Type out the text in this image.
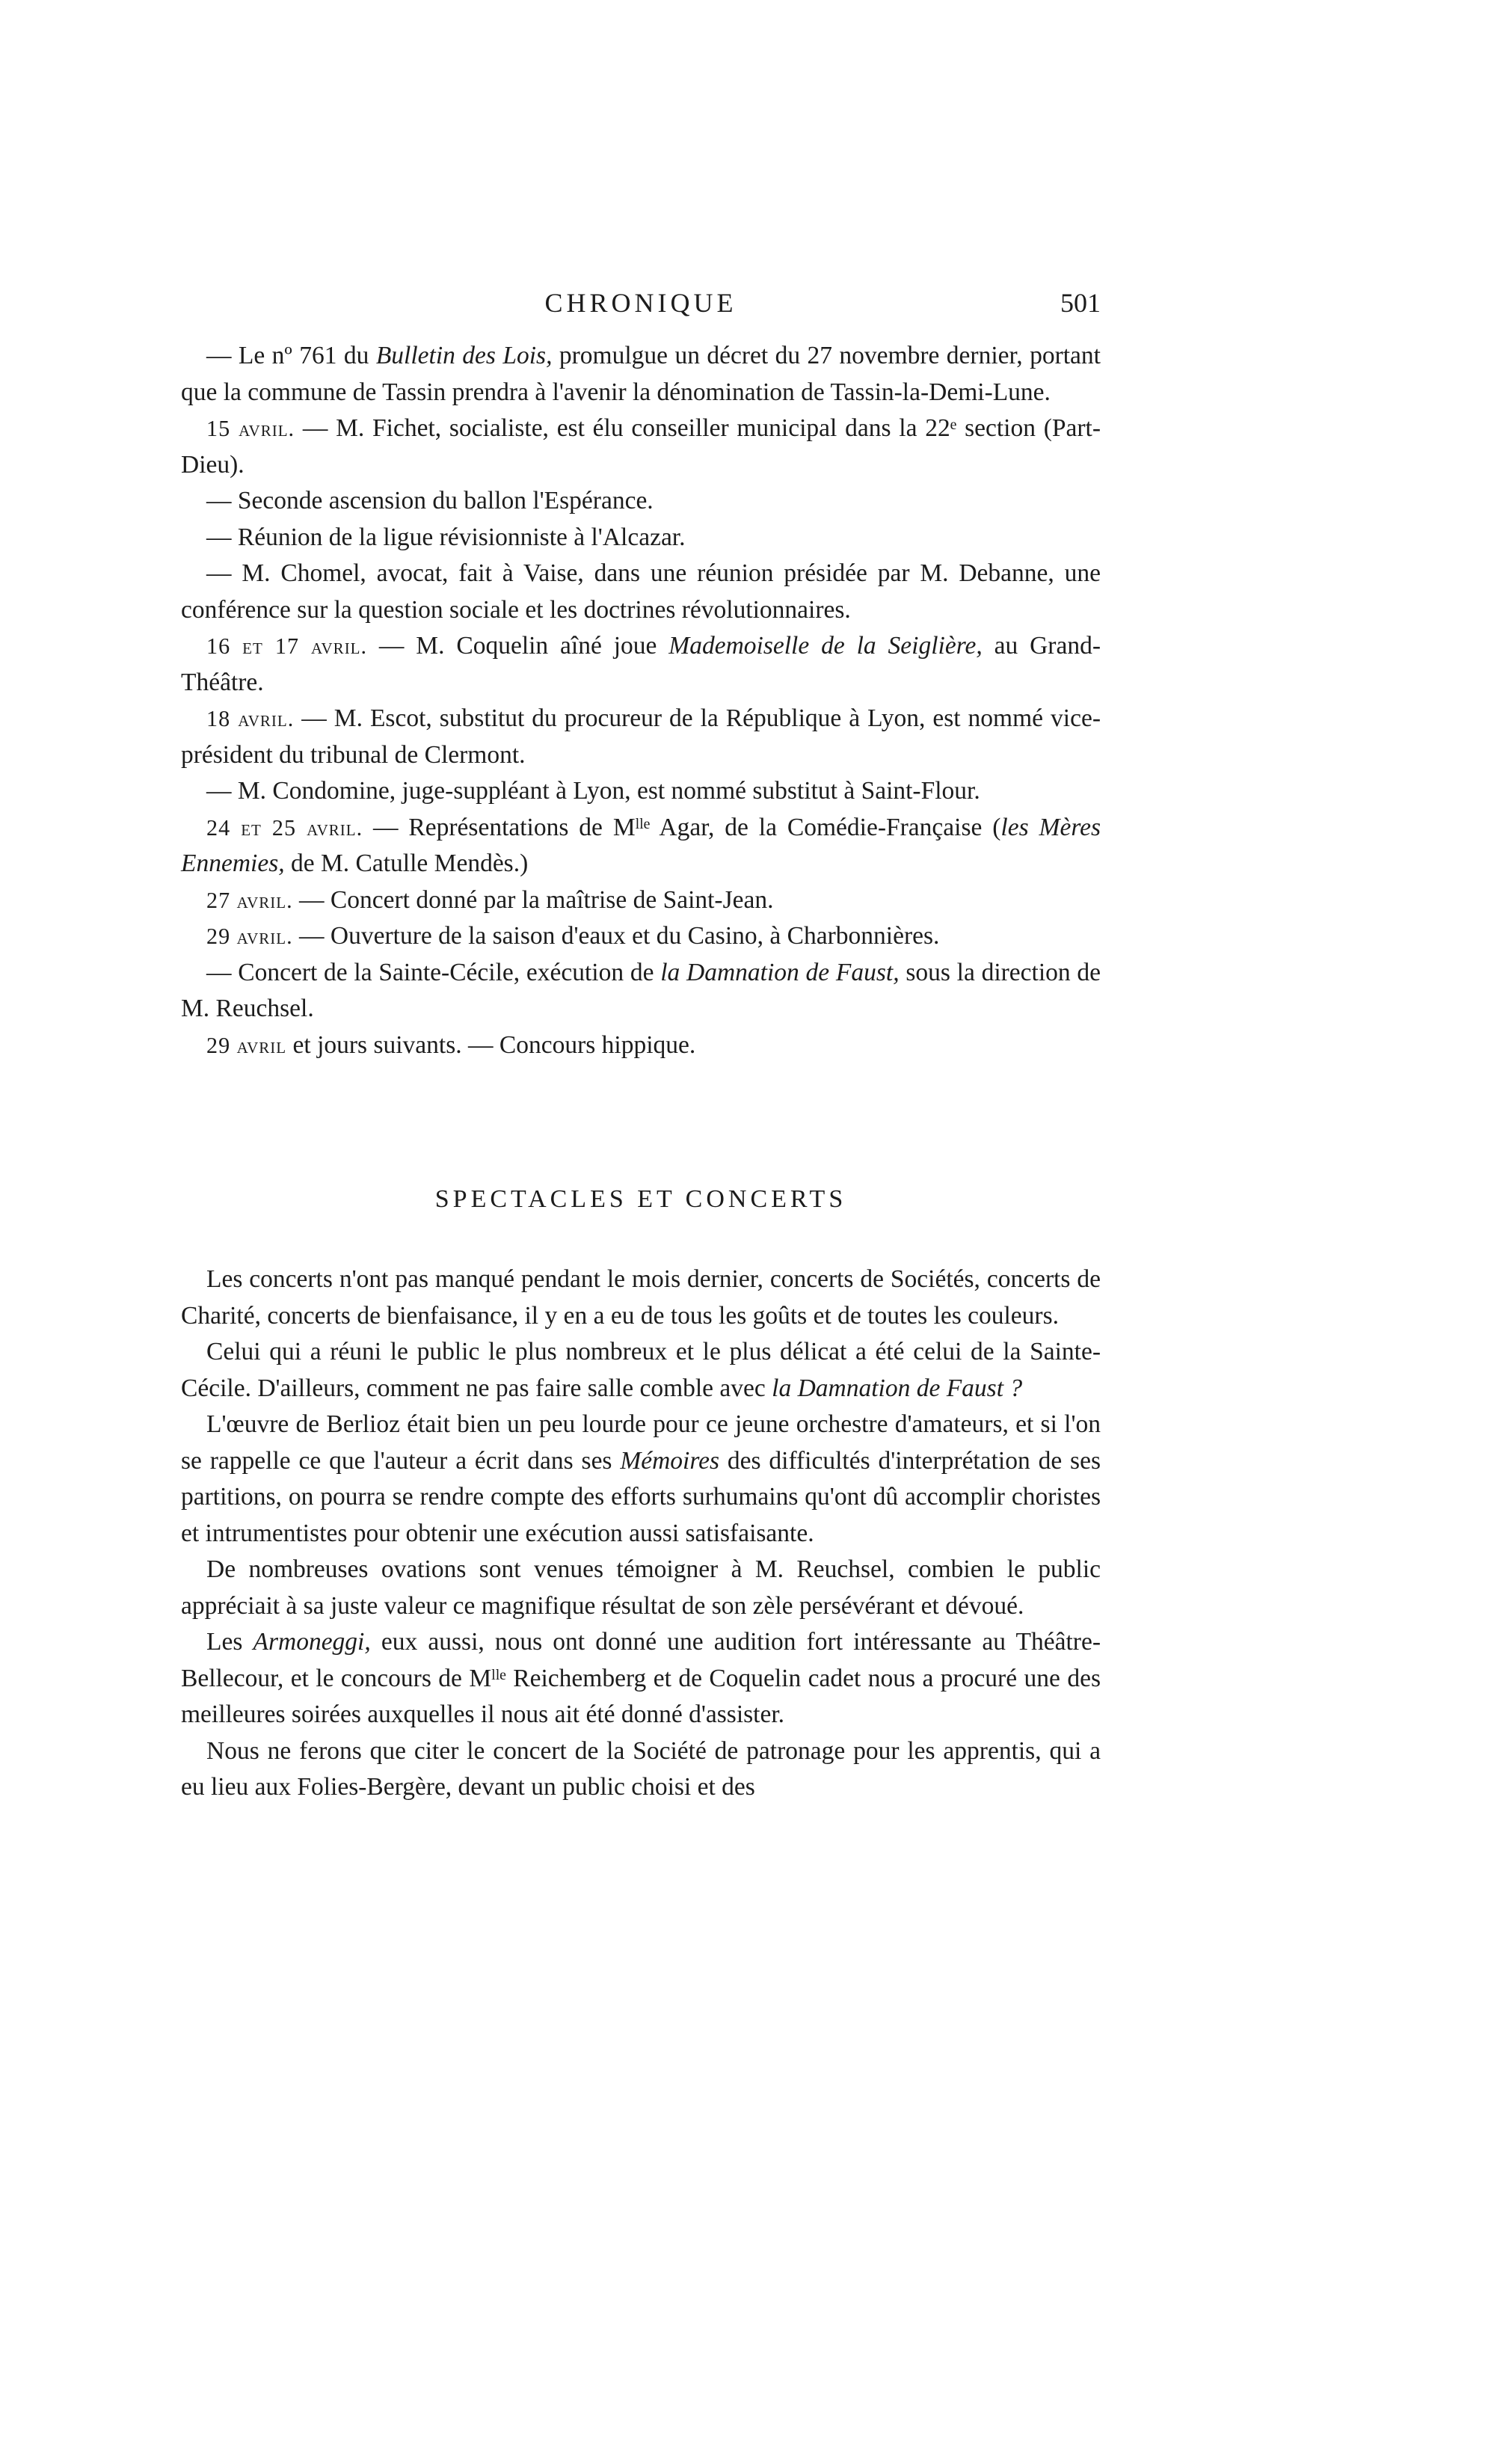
CHRONIQUE	501

— Le nº 761 du Bulletin des Lois, promulgue un décret du 27 novembre dernier, portant que la commune de Tassin prendra à l'avenir la dénomination de Tassin-la-Demi-Lune.

15 avril. — M. Fichet, socialiste, est élu conseiller municipal dans la 22ᵉ section (Part-Dieu).

— Seconde ascension du ballon l'Espérance.

— Réunion de la ligue révisionniste à l'Alcazar.

— M. Chomel, avocat, fait à Vaise, dans une réunion présidée par M. Debanne, une conférence sur la question sociale et les doctrines révolutionnaires.

16 et 17 avril. — M. Coquelin aîné joue Mademoiselle de la Seiglière, au Grand-Théâtre.

18 avril. — M. Escot, substitut du procureur de la République à Lyon, est nommé vice-président du tribunal de Clermont.

— M. Condomine, juge-suppléant à Lyon, est nommé substitut à Saint-Flour.

24 et 25 avril. — Représentations de Mˡˡᵉ Agar, de la Comédie-Française (les Mères Ennemies, de M. Catulle Mendès.)

27 avril. — Concert donné par la maîtrise de Saint-Jean.

29 avril. — Ouverture de la saison d'eaux et du Casino, à Charbonnières.

— Concert de la Sainte-Cécile, exécution de la Damnation de Faust, sous la direction de M. Reuchsel.

29 avril et jours suivants. — Concours hippique.

SPECTACLES ET CONCERTS

Les concerts n'ont pas manqué pendant le mois dernier, concerts de Sociétés, concerts de Charité, concerts de bienfaisance, il y en a eu de tous les goûts et de toutes les couleurs.

Celui qui a réuni le public le plus nombreux et le plus délicat a été celui de la Sainte-Cécile. D'ailleurs, comment ne pas faire salle comble avec la Damnation de Faust ?

L'œuvre de Berlioz était bien un peu lourde pour ce jeune orchestre d'amateurs, et si l'on se rappelle ce que l'auteur a écrit dans ses Mémoires des difficultés d'interprétation de ses partitions, on pourra se rendre compte des efforts surhumains qu'ont dû accomplir choristes et intrumentistes pour obtenir une exécution aussi satisfaisante.

De nombreuses ovations sont venues témoigner à M. Reuchsel, combien le public appréciait à sa juste valeur ce magnifique résultat de son zèle persévérant et dévoué.

Les Armoneggi, eux aussi, nous ont donné une audition fort intéressante au Théâtre-Bellecour, et le concours de Mˡˡᵉ Reichemberg et de Coquelin cadet nous a procuré une des meilleures soirées auxquelles il nous ait été donné d'assister.

Nous ne ferons que citer le concert de la Société de patronage pour les apprentis, qui a eu lieu aux Folies-Bergère, devant un public choisi et des
